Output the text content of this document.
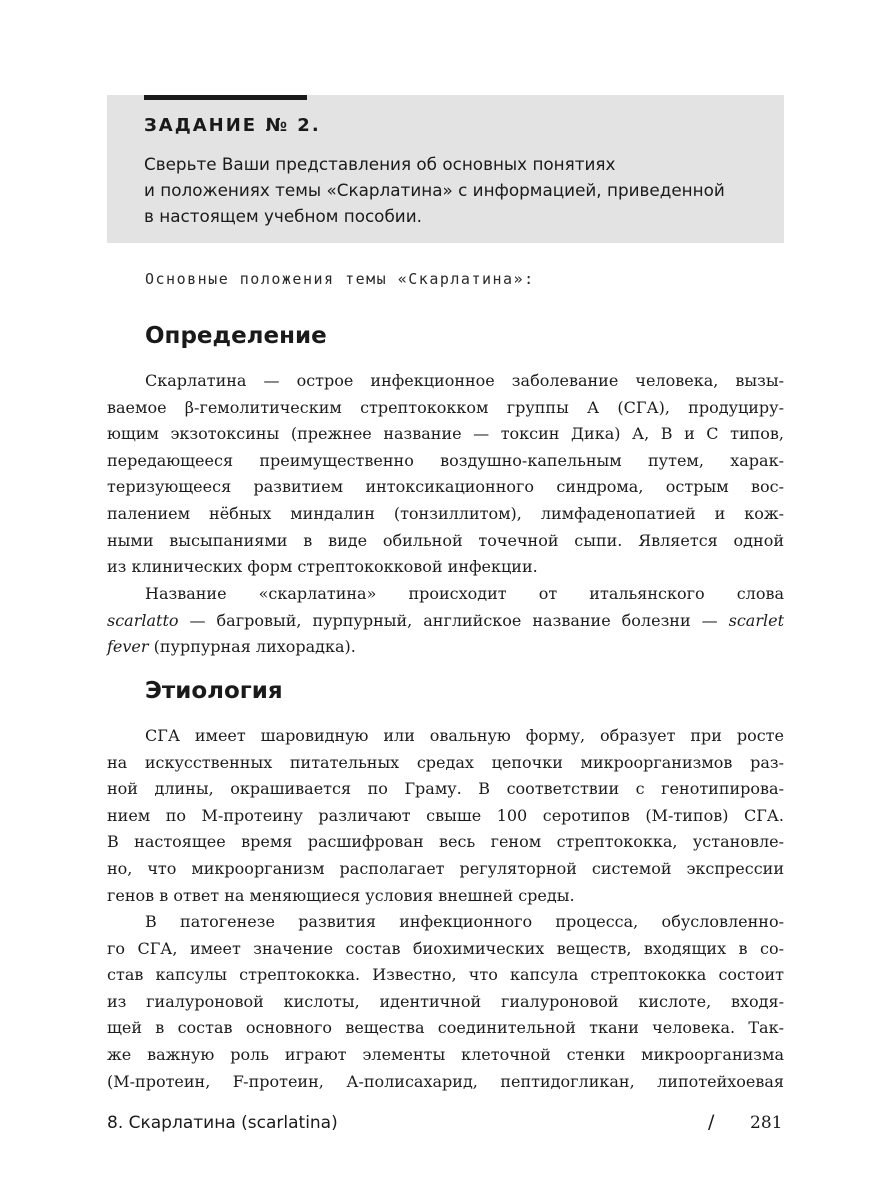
ЗАДАНИЕ № 2.
Сверьте Ваши представления об основных понятиях
и положениях темы «Скарлатина» с информацией, приведенной
в настоящем учебном пособии.
Основные положения темы «Скарлатина»:
Определение
Скарлатина — острое инфекционное заболевание человека, вызы-
ваемое β-гемолитическим стрептококком группы А (СГА), продуциру-
ющим экзотоксины (прежнее название — токсин Дика) А, В и С типов,
передающееся преимущественно воздушно-капельным путем, харак-
теризующееся развитием интоксикационного синдрома, острым вос-
палением нёбных миндалин (тонзиллитом), лимфаденопатией и кож-
ными высыпаниями в виде обильной точечной сыпи. Является одной
из клинических форм стрептококковой инфекции.
Название «скарлатина» происходит от итальянского слова
scarlatto — багровый, пурпурный, английское название болезни — scarlet
fever (пурпурная лихорадка).
Этиология
СГА имеет шаровидную или овальную форму, образует при росте
на искусственных питательных средах цепочки микроорганизмов раз-
ной длины, окрашивается по Граму. В соответствии с генотипирова-
нием по М-протеину различают свыше 100 серотипов (М-типов) СГА.
В настоящее время расшифрован весь геном стрептококка, установле-
но, что микроорганизм располагает регуляторной системой экспрессии
генов в ответ на меняющиеся условия внешней среды.
В патогенезе развития инфекционного процесса, обусловленно-
го СГА, имеет значение состав биохимических веществ, входящих в со-
став капсулы стрептококка. Известно, что капсула стрептококка состоит
из гиалуроновой кислоты, идентичной гиалуроновой кислоте, входя-
щей в состав основного вещества соединительной ткани человека. Так-
же важную роль играют элементы клеточной стенки микроорганизма
(М-протеин, F-протеин, А-полисахарид, пептидогликан, липотейхоевая
8. Скарлатина (scarlatina)	/ 281
